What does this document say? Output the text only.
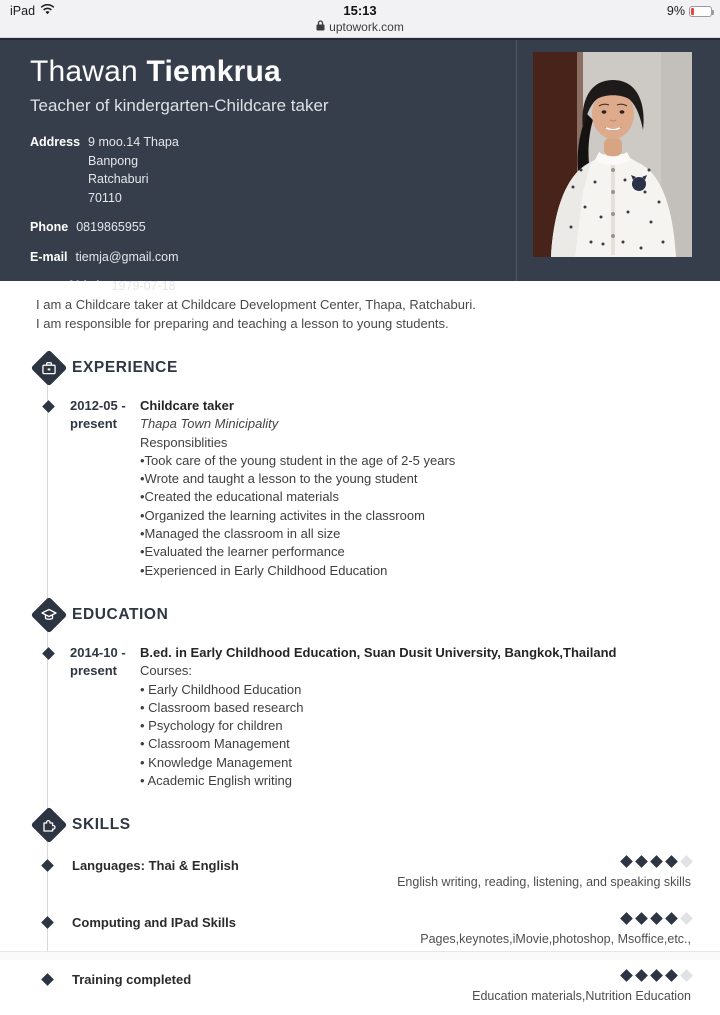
iPad	15:13
uptowork.com
9%
Thawan Tiemkrua
Teacher of kindergarten-Childcare taker
Address 9 moo.14 Thapa
Banpong
Ratchaburi
70110
Phone 0819865955
E-mail tiemja@gmail.com
Date of birth 1979-07-18
I am a Childcare taker at Childcare Development Center, Thapa, Ratchaburi.
I am responsible for preparing and teaching a lesson to young students.
EXPERIENCE
2012-05 -
present
Childcare taker
Thapa Town Minicipality
Responsiblities
•Took care of the young student in the age of 2-5 years
•Wrote and taught a lesson to the young student
•Created the educational materials
•Organized the learning activites in the classroom
•Managed the classroom in all size
•Evaluated the learner performance
•Experienced in Early Childhood Education
EDUCATION
2014-10 -
present
B.ed. in Early Childhood Education, Suan Dusit University, Bangkok,Thailand
Courses:
• Early Childhood Education
• Classroom based research
• Psychology for children
• Classroom Management
• Knowledge Management
• Academic English writing
SKILLS
Languages: Thai & English
English writing, reading, listening, and speaking skills
Computing and IPad Skills
Pages,keynotes,iMovie,photoshop, Msoffice,etc.,
Training completed
Education materials,Nutrition Education
